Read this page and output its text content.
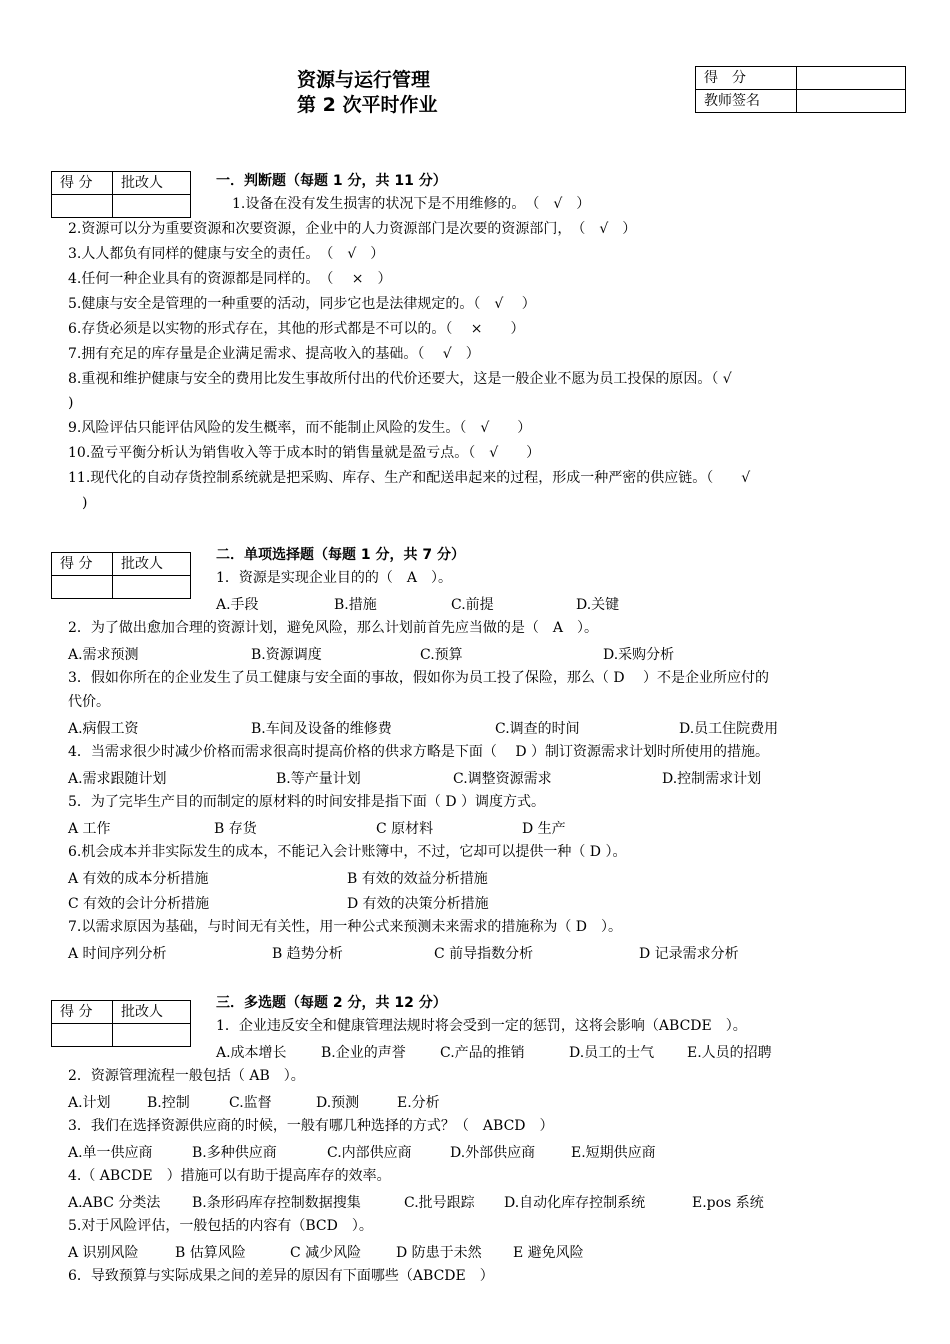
资源与运行管理
第 2 次平时作业
得　分	
教师签名	
得 分	批改人
		一．判断题（每题 1 分，共 11 分）
1.设备在没有发生损害的状况下是不用维修的。　（　√　）
2.资源可以分为重要资源和次要资源，企业中的人力资源部门是次要的资源部门，　（　√　）
3.人人都负有同样的健康与安全的责任。　（　√　）
4.任何一种企业具有的资源都是同样的。　（　 ×　）
5.健康与安全是管理的一种重要的活动，同步它也是法律规定的。（　√　 ）
6.存货必须是以实物的形式存在，其他的形式都是不可以的。（　 ×　　）
7.拥有充足的库存量是企业满足需求、提高收入的基础。（　 √　）
8.重视和维护健康与安全的费用比发生事故所付出的代价还要大，这是一般企业不愿为员工投保的原因。（ √
)
9.风险评估只能评估风险的发生概率，而不能制止风险的发生。（　√　　）
10.盈亏平衡分析认为销售收入等于成本时的销售量就是盈亏点。（　√　　）
11.现代化的自动存货控制系统就是把采购、库存、生产和配送串起来的过程，形成一种严密的供应链。（　　√
　)
得 分	批改人

二．单项选择题（每题 1 分，共 7 分）
1．资源是实现企业目的的（　A　）。
A.手段	B.措施	C.前提	D.关键
2．为了做出愈加合理的资源计划，避免风险，那么计划前首先应当做的是（　A　）。
A.需求预测	B.资源调度	C.预算	D.采购分析
3．假如你所在的企业发生了员工健康与安全面的事故，假如你为员工投了保险，那么（ D　 ）不是企业所应付的
代价。
A.病假工资	B.车间及设备的维修费	C.调查的时间	D.员工住院费用
4．当需求很少时减少价格而需求很高时提高价格的供求方略是下面（　 D ）制订资源需求计划时所使用的措施。
A.需求跟随计划	B.等产量计划	C.调整资源需求	D.控制需求计划
5．为了完毕生产目的而制定的原材料的时间安排是指下面（ D ）调度方式。
A 工作	B 存货	C 原材料	D 生产
6.机会成本并非实际发生的成本，不能记入会计账簿中，不过，它却可以提供一种（ D ）。
A 有效的成本分析措施	B 有效的效益分析措施
C 有效的会计分析措施	D 有效的决策分析措施
7.以需求原因为基础，与时间无有关性，用一种公式来预测未来需求的措施称为（ D　）。
A 时间序列分析	B 趋势分析	C 前导指数分析	D 记录需求分析
得 分	批改人

三．多选题（每题 2 分，共 12 分）
1．企业违反安全和健康管理法规时将会受到一定的惩罚，这将会影响（ABCDE　）。
A.成本增长 B.企业的声誉 C.产品的推销	D.员工的士气 E.人员的招聘
2．资源管理流程一般包括（ AB　）。
A.计划	B.控制	C.监督	D.预测	E.分析
3．我们在选择资源供应商的时候，一般有哪几种选择的方式？（　ABCD　）
A.单一供应商	B.多种供应商	C.内部供应商	D.外部供应商	E.短期供应商
4.（ ABCDE　）措施可以有助于提高库存的效率。
A.ABC 分类法 B.条形码库存控制数据搜集	C.批号跟踪 D.自动化库存控制系统	E.pos 系统
5.对于风险评估，一般包括的内容有（BCD　）。
A 识别风险	B 估算风险	C 减少风险 D 防患于未然 E 避免风险
6．导致预算与实际成果之间的差异的原因有下面哪些（ABCDE　）
